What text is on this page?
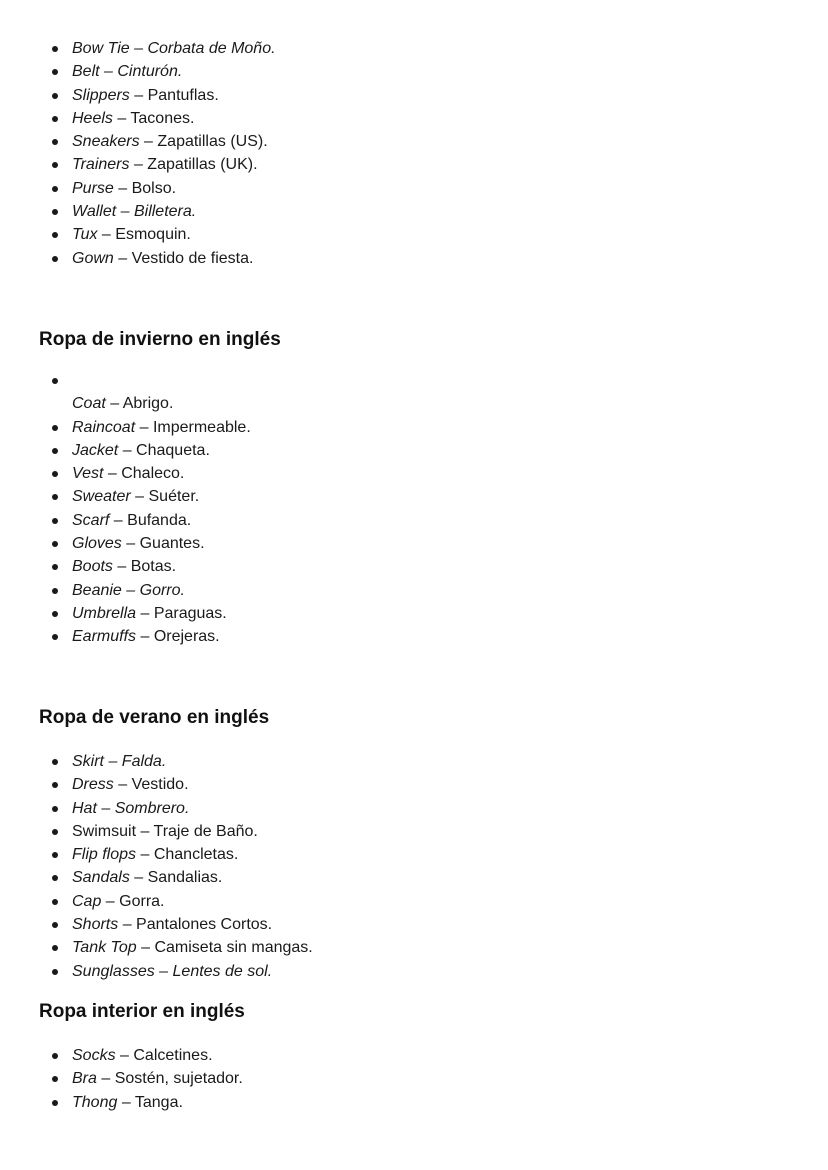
Bow Tie – Corbata de Moño.
Belt – Cinturón.
Slippers – Pantuflas.
Heels – Tacones.
Sneakers – Zapatillas (US).
Trainers – Zapatillas (UK).
Purse – Bolso.
Wallet – Billetera.
Tux – Esmoquin.
Gown – Vestido de fiesta.
Ropa de invierno en inglés
Coat – Abrigo.
Raincoat – Impermeable.
Jacket – Chaqueta.
Vest – Chaleco.
Sweater – Suéter.
Scarf – Bufanda.
Gloves – Guantes.
Boots – Botas.
Beanie – Gorro.
Umbrella – Paraguas.
Earmuffs – Orejeras.
Ropa de verano en inglés
Skirt – Falda.
Dress – Vestido.
Hat – Sombrero.
Swimsuit – Traje de Baño.
Flip flops – Chancletas.
Sandals – Sandalias.
Cap – Gorra.
Shorts – Pantalones Cortos.
Tank Top – Camiseta sin mangas.
Sunglasses – Lentes de sol.
Ropa interior en inglés
Socks – Calcetines.
Bra – Sostén, sujetador.
Thong – Tanga.
